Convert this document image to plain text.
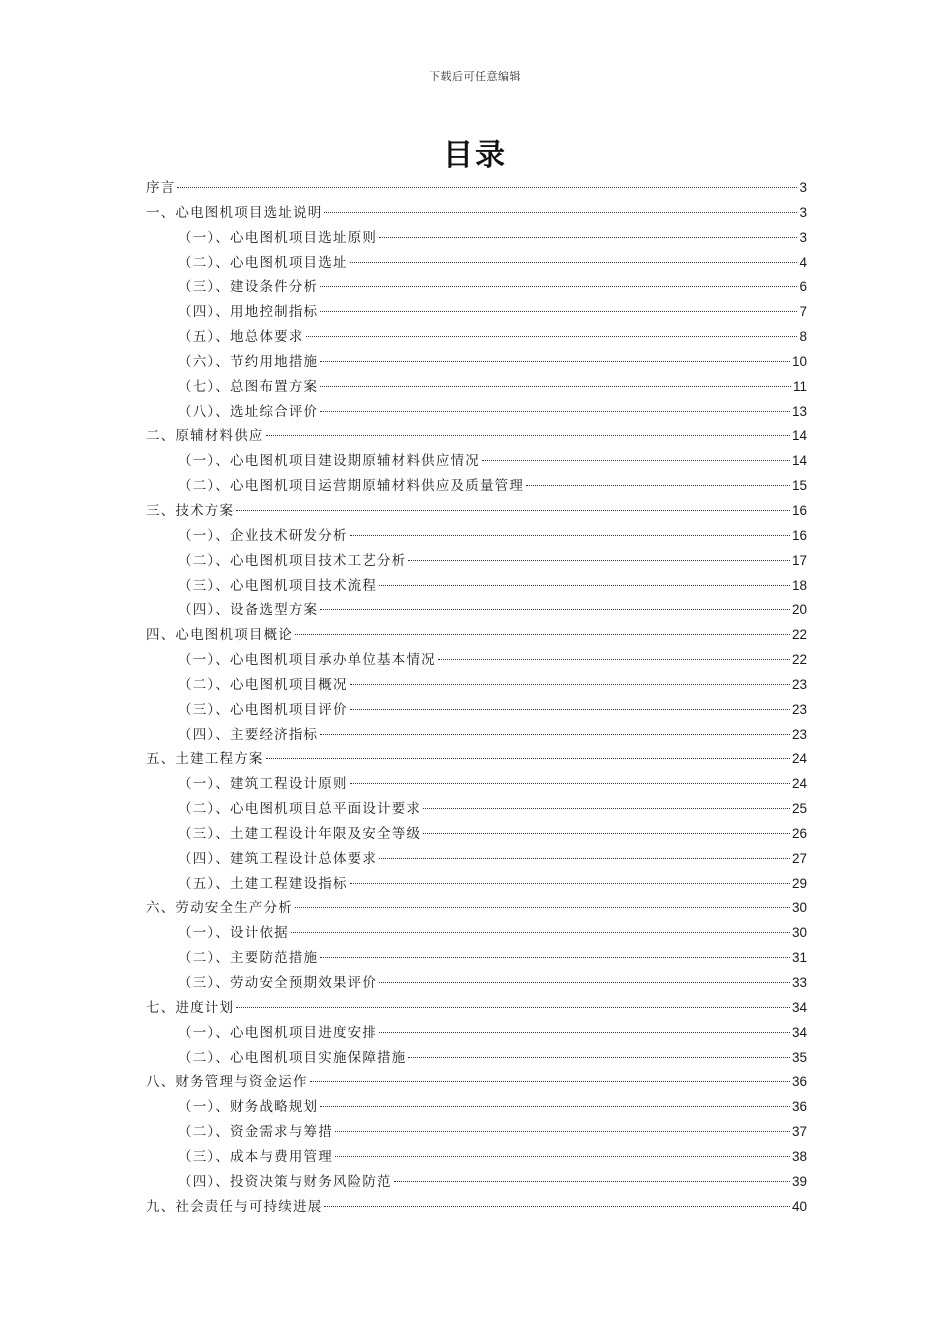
下载后可任意编辑
目录
序言	3
一、心电图机项目选址说明	3
（一）、心电图机项目选址原则	3
（二）、心电图机项目选址	4
（三）、建设条件分析	6
（四）、用地控制指标	7
（五）、地总体要求	8
（六）、节约用地措施	10
（七）、总图布置方案	11
（八）、选址综合评价	13
二、原辅材料供应	14
（一）、心电图机项目建设期原辅材料供应情况	14
（二）、心电图机项目运营期原辅材料供应及质量管理	15
三、技术方案	16
（一）、企业技术研发分析	16
（二）、心电图机项目技术工艺分析	17
（三）、心电图机项目技术流程	18
（四）、设备选型方案	20
四、心电图机项目概论	22
（一）、心电图机项目承办单位基本情况	22
（二）、心电图机项目概况	23
（三）、心电图机项目评价	23
（四）、主要经济指标	23
五、土建工程方案	24
（一）、建筑工程设计原则	24
（二）、心电图机项目总平面设计要求	25
（三）、土建工程设计年限及安全等级	26
（四）、建筑工程设计总体要求	27
（五）、土建工程建设指标	29
六、劳动安全生产分析	30
（一）、设计依据	30
（二）、主要防范措施	31
（三）、劳动安全预期效果评价	33
七、进度计划	34
（一）、心电图机项目进度安排	34
（二）、心电图机项目实施保障措施	35
八、财务管理与资金运作	36
（一）、财务战略规划	36
（二）、资金需求与筹措	37
（三）、成本与费用管理	38
（四）、投资决策与财务风险防范	39
九、社会责任与可持续进展	40
